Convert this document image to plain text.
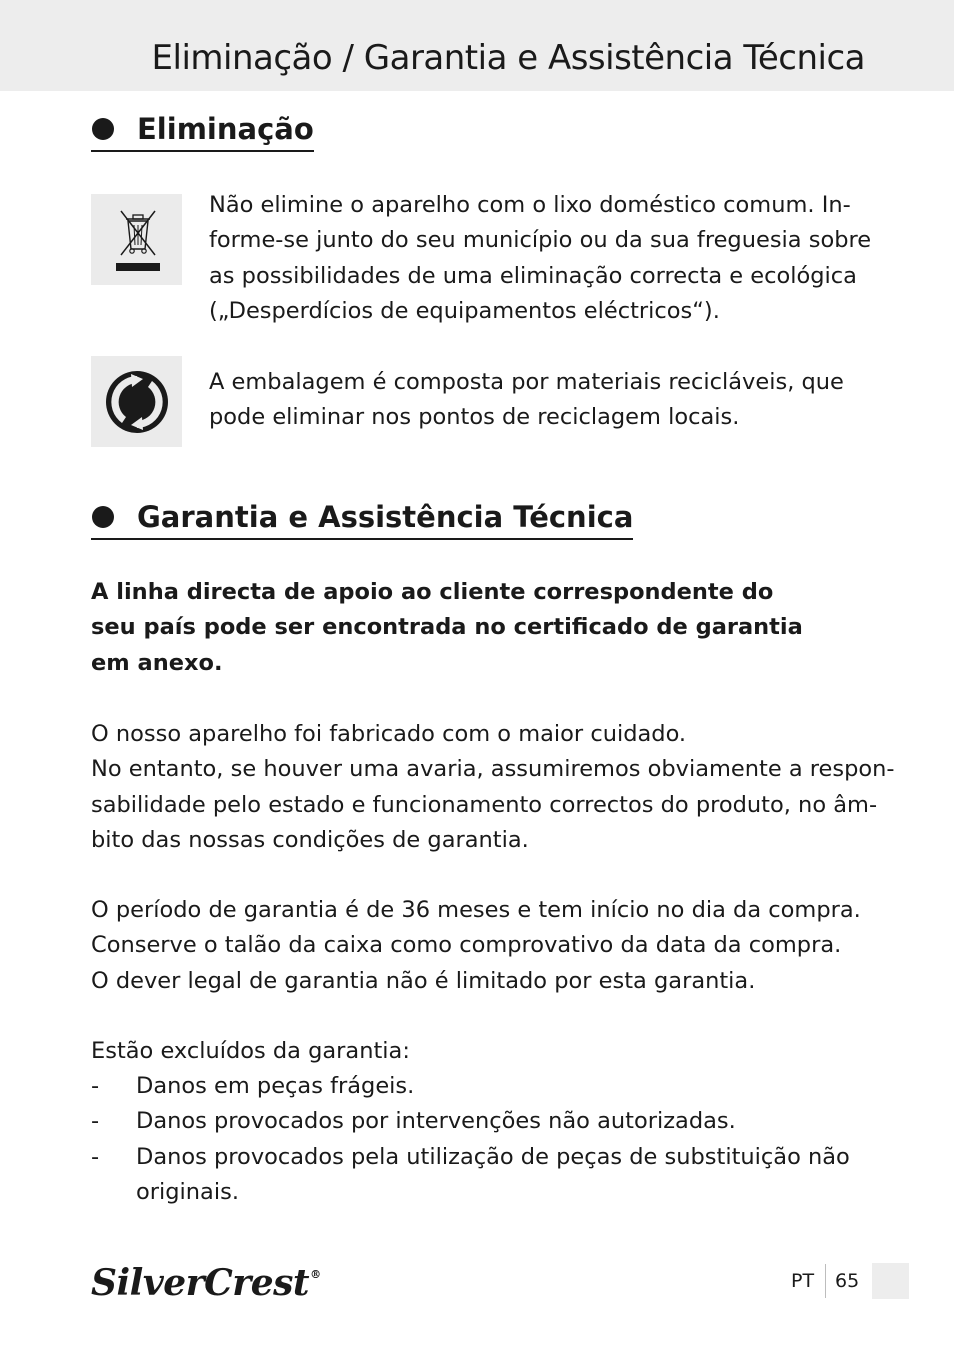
Eliminação / Garantia e Assistência Técnica
Eliminação
Não elimine o aparelho com o lixo doméstico comum. In-
forme-se junto do seu município ou da sua freguesia sobre
as possibilidades de uma eliminação correcta e ecológica
(„Desperdícios de equipamentos eléctricos“).
A embalagem é composta por materiais recicláveis, que
pode eliminar nos pontos de reciclagem locais.
Garantia e Assistência Técnica
A linha directa de apoio ao cliente correspondente do
seu país pode ser encontrada no certificado de garantia
em anexo.
O nosso aparelho foi fabricado com o maior cuidado.
No entanto, se houver uma avaria, assumiremos obviamente a respon-
sabilidade pelo estado e funcionamento correctos do produto, no âm-
bito das nossas condições de garantia.
O período de garantia é de 36 meses e tem início no dia da compra.
Conserve o talão da caixa como comprovativo da data da compra.
O dever legal de garantia não é limitado por esta garantia.
Estão excluídos da garantia:
- Danos em peças frágeis.
- Danos provocados por intervenções não autorizadas.
- Danos provocados pela utilização de peças de substituição não
originais.
SilverCrest®	PT 65
